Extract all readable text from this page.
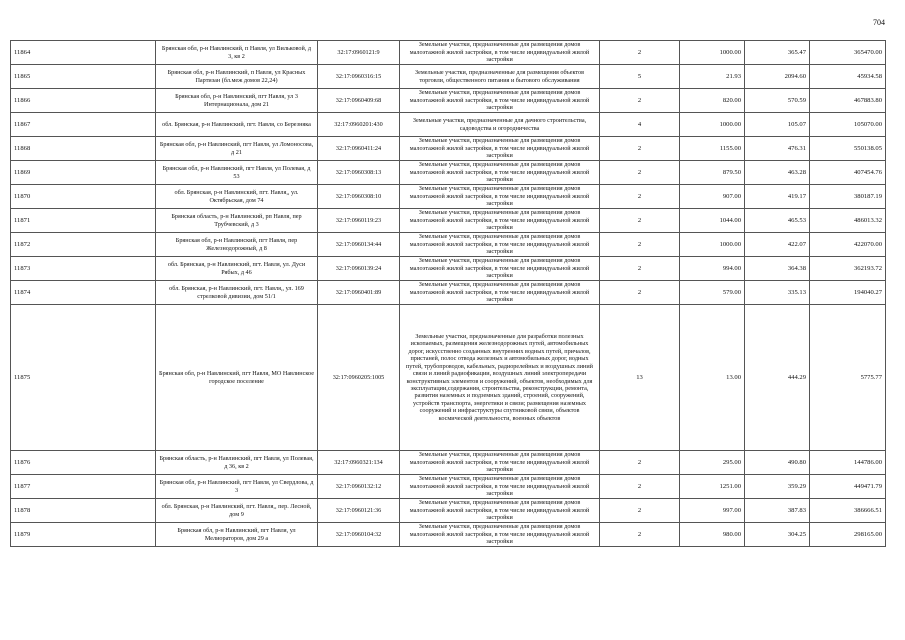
704
11864	Брянская обл, р-н Навлинский, п Навля, ул Вильковой, д 3, кв 2	32:17:0960121:9	Земельные участки, предназначенные для размещения домов малоэтажной жилой застройки, в том числе индивидуальной жилой застройки	2	1000.00	365.47	365470.00
11865	Брянская обл, р-н Навлинский, п Навля, ул Красных Партизан (бл.меж домов 22,24)	32:17:0960316:15	Земельные участки, предназначенные для размещения объектов торговли, общественного питания и бытового обслуживания	5	21.93	2094.60	45934.58
11866	Брянская обл, р-н Навлинский, пгт Навля, ул 3 Интернационала, дом 21	32:17:0960409:68	Земельные участки, предназначенные для размещения домов малоэтажной жилой застройки, в том числе индивидуальной жилой застройки	2	820.00	570.59	467883.80
11867	обл. Брянская, р-н Навлинский, пгт. Навля, со Березняка	32:17:0960201:430	Земельные участки, предназначенные для дачного строительства, садоводства и огородничества	4	1000.00	105.07	105070.00
11868	Брянская обл, р-н Навлинский, пгт Навля, ул Ломоносова, д 21	32:17:0960411:24	Земельные участки, предназначенные для размещения домов малоэтажной жилой застройки, в том числе индивидуальной жилой застройки	2	1155.00	476.31	550138.05
11869	Брянская обл, р-н Навлинский, пгт Навля, ул Полевая, д 53	32:17:0960308:13	Земельные участки, предназначенные для размещения домов малоэтажной жилой застройки, в том числе индивидуальной жилой застройки	2	879.50	463.28	407454.76
11870	обл. Брянская, р-н Навлинский, пгт. Навля,, ул. Октябрьская, дом 74	32:17:0960308:10	Земельные участки, предназначенные для размещения домов малоэтажной жилой застройки, в том числе индивидуальной жилой застройки	2	907.00	419.17	380187.19
11871	Брянская область, р-н Навлинский, рп Навля, пер Трубчевский, д 3	32:17:0960119:23	Земельные участки, предназначенные для размещения домов малоэтажной жилой застройки, в том числе индивидуальной жилой застройки	2	1044.00	465.53	486013.32
11872	Брянская обл, р-н Навлинский, пгт Навля, пер Железнодорожный, д 8	32:17:0960134:44	Земельные участки, предназначенные для размещения домов малоэтажной жилой застройки, в том числе индивидуальной жилой застройки	2	1000.00	422.07	422070.00
11873	обл. Брянская, р-н Навлинский, пгт. Навля, ул. Дуси Рябых, д 46	32:17:0960139:24	Земельные участки, предназначенные для размещения домов малоэтажной жилой застройки, в том числе индивидуальной жилой застройки	2	994.00	364.38	362193.72
11874	обл. Брянская, р-н Навлинский, пгт. Навля,, ул. 169 стрелковой дивизии, дом 51/1	32:17:0960401:89	Земельные участки, предназначенные для размещения домов малоэтажной жилой застройки, в том числе индивидуальной жилой застройки	2	579.00	335.13	194040.27
11875	Брянская обл, р-н Навлинский, пгт Навля, МО Навлинское городское поселение	32:17:0960205:1005	Земельные участки, предназначенные для разработки полезных ископаемых, размещения железнодорожных путей, автомобильных дорог, искусственно созданных внутренних водных путей, причалов, пристаней, полос отвода железных и автомобильных дорог, водных путей, трубопроводов, кабельных, радиорелейных и воздушных линий связи и линий радиофикации, воздушных линий электропередачи конструктивных элементов и сооружений, объектов, необходимых для эксплуатации,содержания, строительства, реконструкции, ремонта, развития наземных и подземных зданий, строений, сооружений, устройств транспорта, энергетики и связи; размещения наземных сооружений и инфраструктуры спутниковой связи, объектов космической деятельности, военных объектов	13	13.00	444.29	5775.77
11876	Брянская область, р-н Навлинский, пгт Навля, ул Полевая, д 36, кв 2	32:17:0960321:134	Земельные участки, предназначенные для размещения домов малоэтажной жилой застройки, в том числе индивидуальной жилой застройки	2	295.00	490.80	144786.00
11877	Брянская обл, р-н Навлинский, пгт Навля, ул Свердлова, д 3	32:17:0960132:12	Земельные участки, предназначенные для размещения домов малоэтажной жилой застройки, в том числе индивидуальной жилой застройки	2	1251.00	359.29	449471.79
11878	обл. Брянская, р-н Навлинский, пгт. Навля,, пер. Лесной, дом 9	32:17:0960121:36	Земельные участки, предназначенные для размещения домов малоэтажной жилой застройки, в том числе индивидуальной жилой застройки	2	997.00	387.83	386666.51
11879	Брянская обл, р-н Навлинский, пгт Навля, ул Мелиораторов, дом 29 а	32:17:0960104:32	Земельные участки, предназначенные для размещения домов малоэтажной жилой застройки, в том числе индивидуальной жилой застройки	2	980.00	304.25	298165.00
